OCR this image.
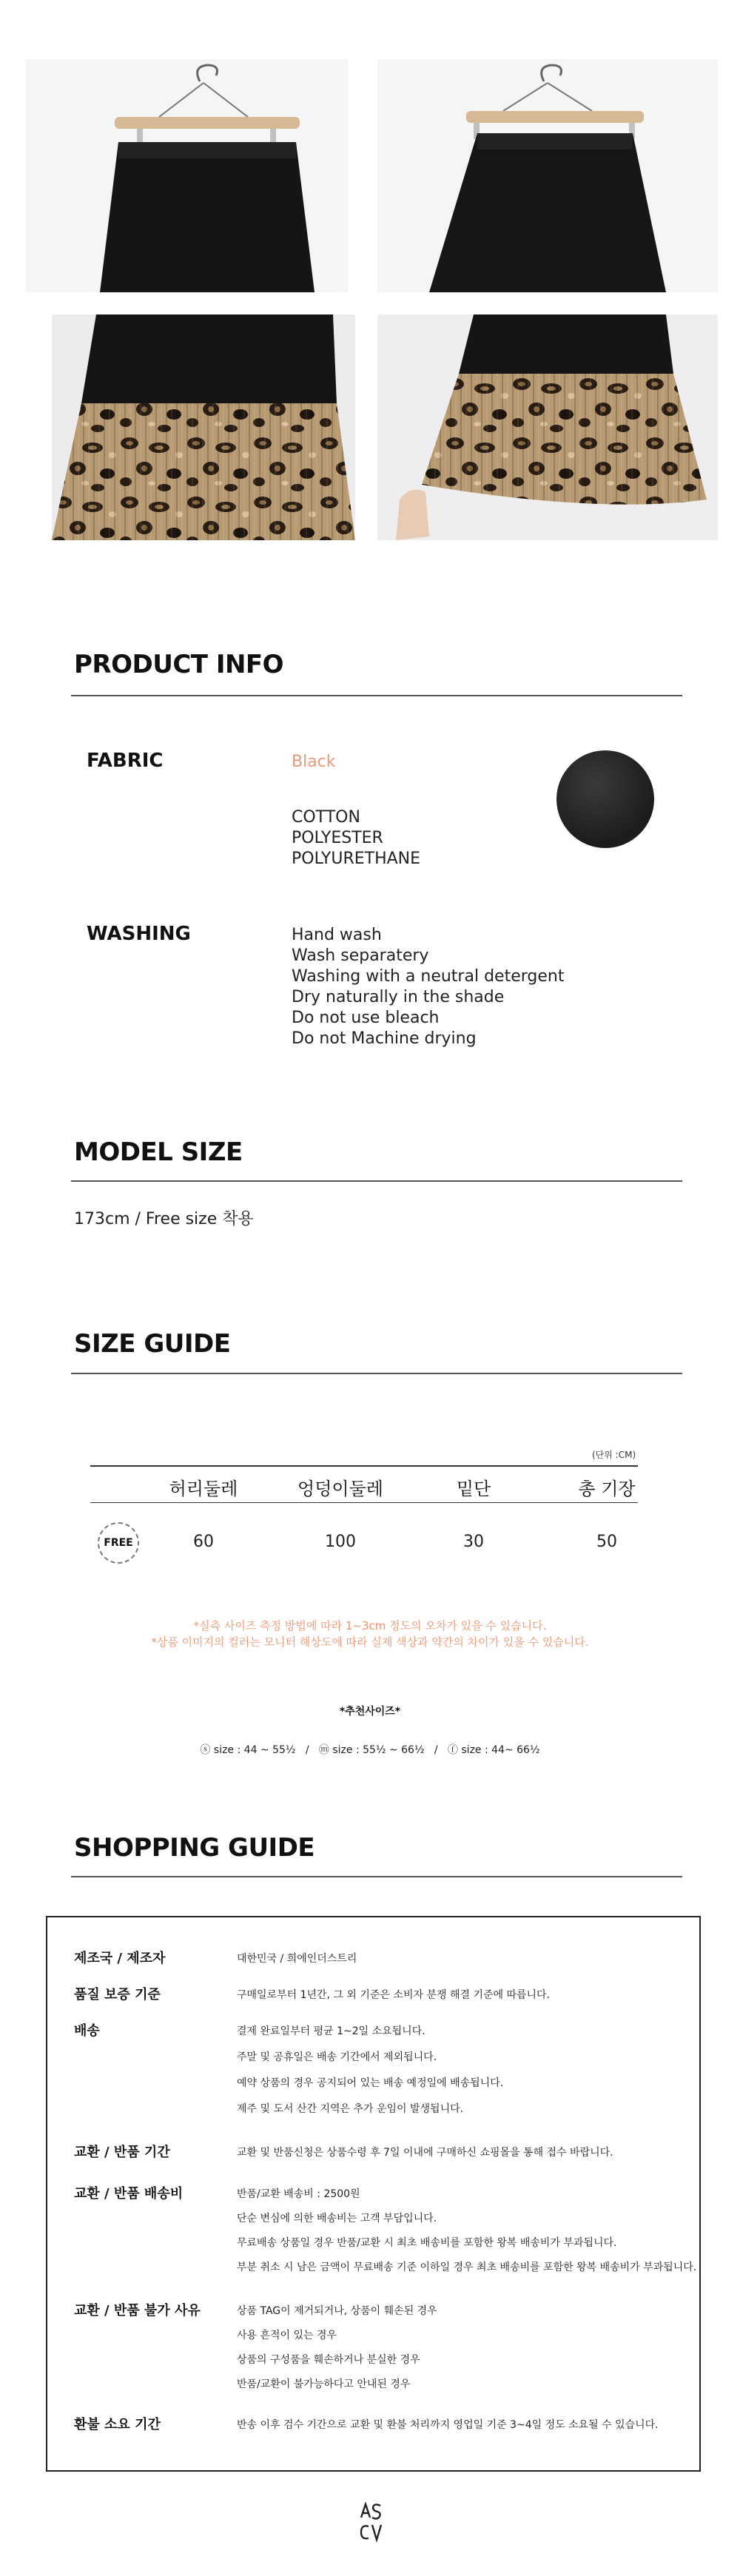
PRODUCT INFO
FABRIC	Black
COTTON
POLYESTER
POLYURETHANE
WASHING	Hand wash
Wash separatery
Washing with a neutral detergent
Dry naturally in the shade
Do not use bleach
Do not Machine drying
MODEL SIZE
173cm / Free size 착용
SIZE GUIDE
(단위 :CM)
허리둘레	엉덩이둘레	밑단	총 기장
FREE	60	100	30	50
*실측 사이즈 측정 방법에 따라 1~3cm 정도의 오차가 있을 수 있습니다.
*상품 이미지의 컬러는 모니터 해상도에 따라 실제 색상과 약간의 차이가 있을 수 있습니다.
*추천사이즈*
ⓢ size : 44 ~ 55½   /   ⓜ size : 55½ ~ 66½   /   ⓕ size : 44~ 66½
SHOPPING GUIDE
제조국 / 제조자	대한민국 / 희에인더스트리
품질 보증 기준	구매일로부터 1년간, 그 외 기준은 소비자 분쟁 해결 기준에 따릅니다.
배송	결제 완료일부터 평균 1~2일 소요됩니다.
주말 및 공휴일은 배송 기간에서 제외됩니다.
예약 상품의 경우 공지되어 있는 배송 예정일에 배송됩니다.
제주 및 도서 산간 지역은 추가 운임이 발생됩니다.
교환 / 반품 기간	교환 및 반품신청은 상품수령 후 7일 이내에 구매하신 쇼핑몰을 통해 접수 바랍니다.
교환 / 반품 배송비	반품/교환 배송비 : 2500원
단순 변심에 의한 배송비는 고객 부담입니다.
무료배송 상품일 경우 반품/교환 시 최초 배송비를 포함한 왕복 배송비가 부과됩니다.
부분 취소 시 남은 금액이 무료배송 기준 이하일 경우 최초 배송비를 포함한 왕복 배송비가 부과됩니다.
교환 / 반품 불가 사유	상품 TAG이 제거되거나, 상품이 훼손된 경우
사용 흔적이 있는 경우
상품의 구성품을 훼손하거나 분실한 경우
반품/교환이 불가능하다고 안내된 경우
환불 소요 기간	반송 이후 검수 기간으로 교환 및 환불 처리까지 영업일 기준 3~4일 정도 소요될 수 있습니다.
